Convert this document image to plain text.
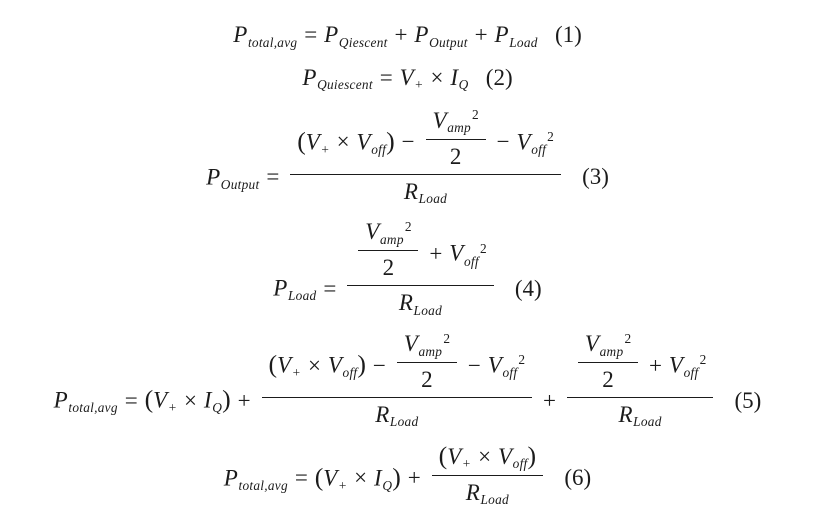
Ptotal,avg = PQiescent + POutput + PLoad (1)
PQuiescent = V+ × IQ (2)
POutput = $\frac{(V+ \times Voff) - \frac{Vamp^2}{2} - Voff^2}{\text{RLoad}} (3)$
PLoad = $\frac{\frac{Vamp^2}{2} + Voff^2}{\text{RLoad}} (4)$
Ptotal,avg = $(V+ \times IQ) + \frac{(V+ \times Voff) - \frac{Vamp^2}{2} - Voff^2}{\text{RLoad}} + \frac{\frac{Vamp^2}{2} + Voff^2}{\text{RLoad}} (5)$
Ptotal,avg = $(V+ \times IQ) + \frac{\text{(V+ × Voff)}}{\text{RLoad}} (6)$
